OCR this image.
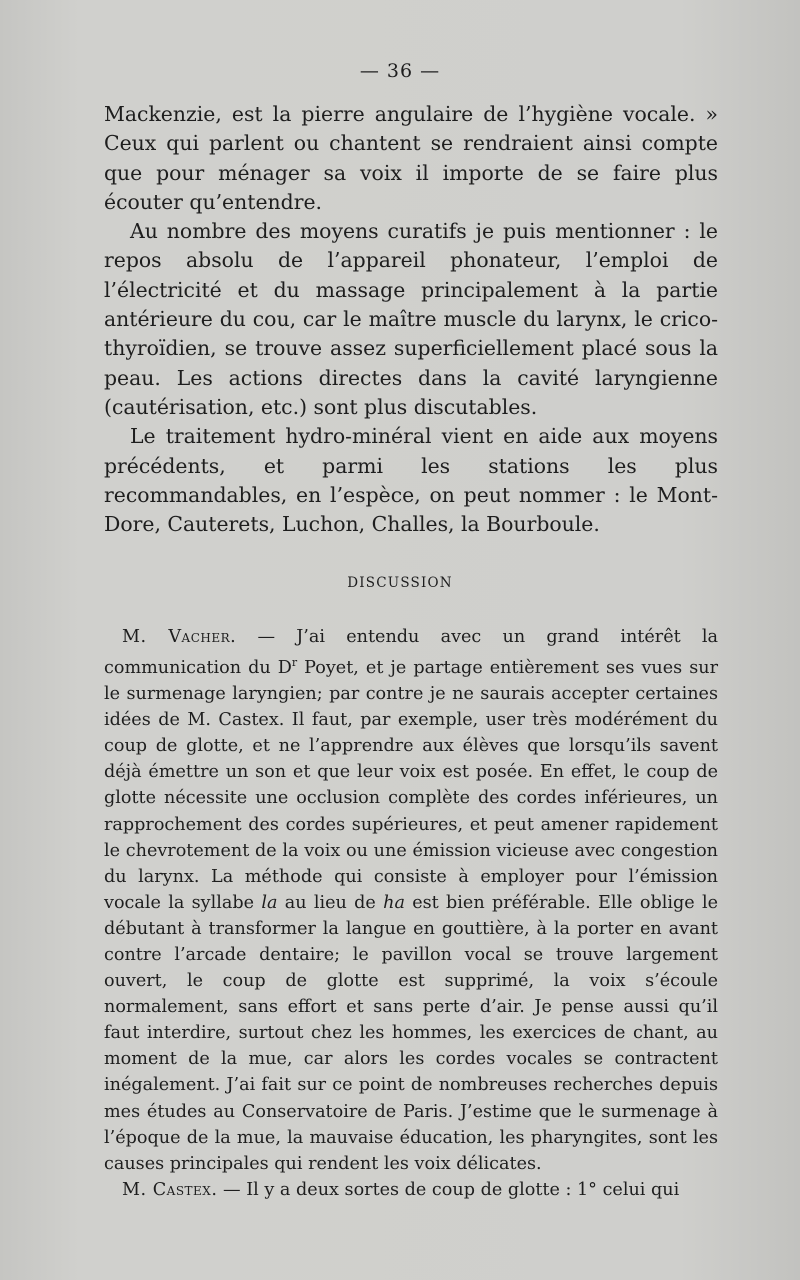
— 36 —

Mackenzie, est la pierre angulaire de l’hygiène vocale. » Ceux qui parlent ou chantent se rendraient ainsi compte que pour ménager sa voix il importe de se faire plus écouter qu’entendre.

Au nombre des moyens curatifs je puis mentionner : le repos absolu de l’appareil phonateur, l’emploi de l’électricité et du massage principalement à la partie antérieure du cou, car le maître muscle du larynx, le crico-thyroïdien, se trouve assez superficiellement placé sous la peau. Les actions directes dans la cavité laryngienne (cautérisation, etc.) sont plus discutables.

Le traitement hydro-minéral vient en aide aux moyens précédents, et parmi les stations les plus recommandables, en l’espèce, on peut nommer : le Mont-Dore, Cauterets, Luchon, Challes, la Bourboule.

DISCUSSION

M. Vacher. — J’ai entendu avec un grand intérêt la communication du $D^r$ Poyet, et je partage entièrement ses vues sur le surmenage laryngien; par contre je ne saurais accepter certaines idées de M. Castex. Il faut, par exemple, user très modérément du coup de glotte, et ne l’apprendre aux élèves que lorsqu’ils savent déjà émettre un son et que leur voix est posée. En effet, le coup de glotte nécessite une occlusion complète des cordes inférieures, un rapprochement des cordes supérieures, et peut amener rapidement le chevrotement de la voix ou une émission vicieuse avec congestion du larynx. La méthode qui consiste à employer pour l’émission vocale la syllabe la au lieu de ha est bien préférable. Elle oblige le débutant à transformer la langue en gouttière, à la porter en avant contre l’arcade dentaire; le pavillon vocal se trouve largement ouvert, le coup de glotte est supprimé, la voix s’écoule normalement, sans effort et sans perte d’air. Je pense aussi qu’il faut interdire, surtout chez les hommes, les exercices de chant, au moment de la mue, car alors les cordes vocales se contractent inégalement. J’ai fait sur ce point de nombreuses recherches depuis mes études au Conservatoire de Paris. J’estime que le surmenage à l’époque de la mue, la mauvaise éducation, les pharyngites, sont les causes principales qui rendent les voix délicates.

M. Castex. — Il y a deux sortes de coup de glotte : 1° celui qui
